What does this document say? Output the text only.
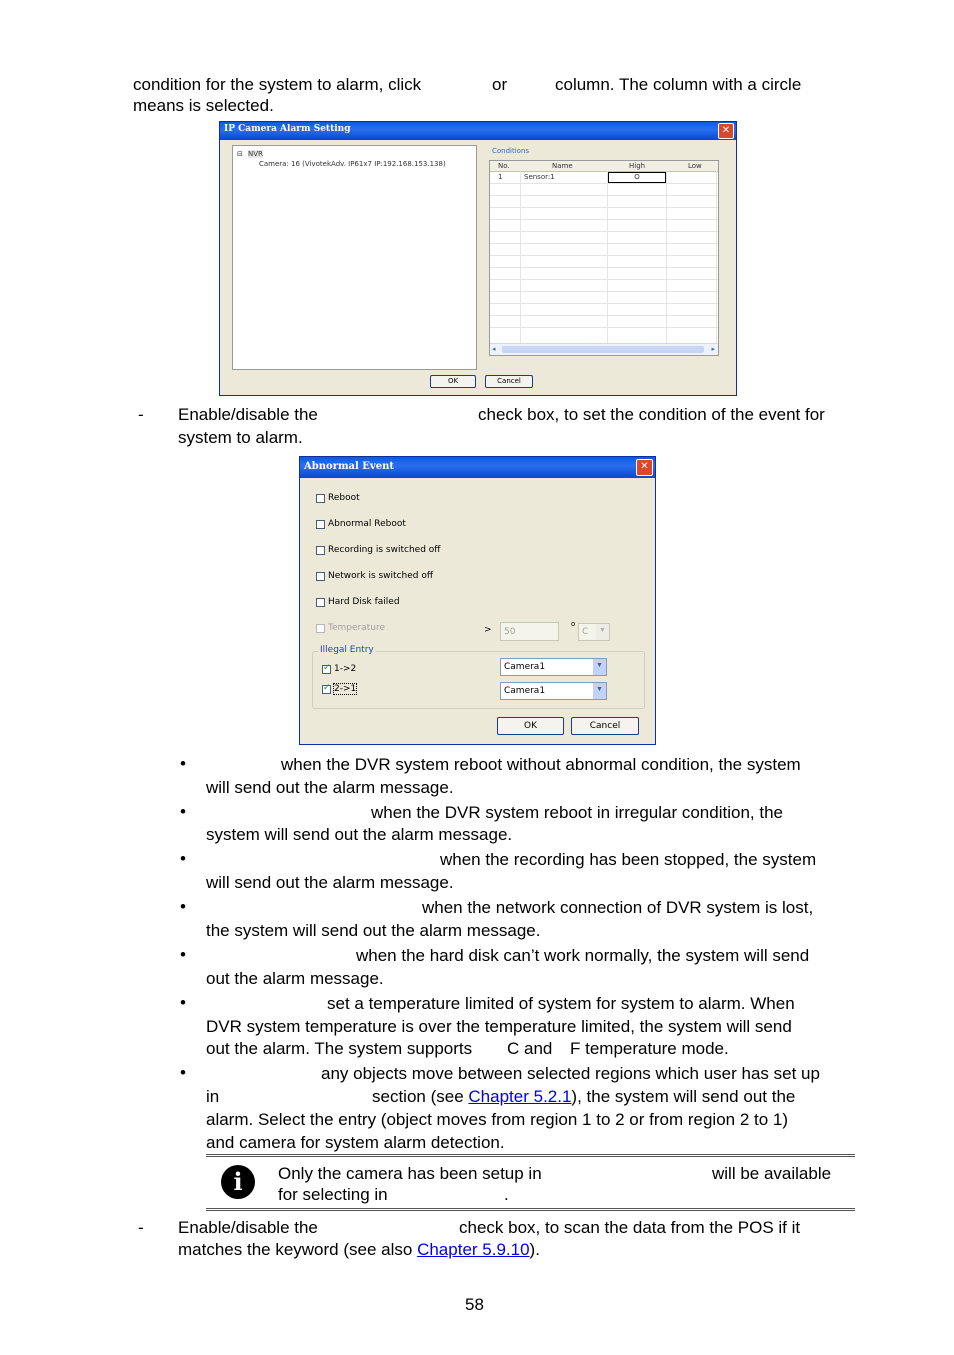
condition for the system to alarm, click	or	column. The column with a circle
means is selected.
IP Camera Alarm Setting	✕
⊟ NVR
Camera: 16 (VivotekAdv. IP61x7 IP:192.168.153.138)
Conditions
No.	Name	High	Low
1	Sensor:1	O
◂	▸
OK	Cancel
- Enable/disable the	check box, to set the condition of the event for
system to alarm.
Abnormal Event	✕
Reboot
Abnormal Reboot
Recording is switched off
Network is switched off
Hard Disk failed
Temperature	> 50
o
C	▼
Illegal Entry
✓
1->2	Camera1	▼
✓
2->1	Camera1	▼
OK	Cancel
•	when the DVR system reboot without abnormal condition, the system
will send out the alarm message.
•	when the DVR system reboot in irregular condition, the
system will send out the alarm message.
•	when the recording has been stopped, the system
will send out the alarm message.
•	when the network connection of DVR system is lost,
the system will send out the alarm message.
•	when the hard disk can’t work normally, the system will send
out the alarm message.
•	set a temperature limited of system for system to alarm. When
DVR system temperature is over the temperature limited, the system will send
out the alarm. The system supports C and F temperature mode.
•	any objects move between selected regions which user has set up
in	section (see Chapter 5.2.1), the system will send out the
alarm. Select the entry (object moves from region 1 to 2 or from region 2 to 1)
and camera for system alarm detection.
i	Only the camera has been setup in	will be available
for selecting in	.
- Enable/disable the	check box, to scan the data from the POS if it
matches the keyword (see also Chapter 5.9.10).
58
